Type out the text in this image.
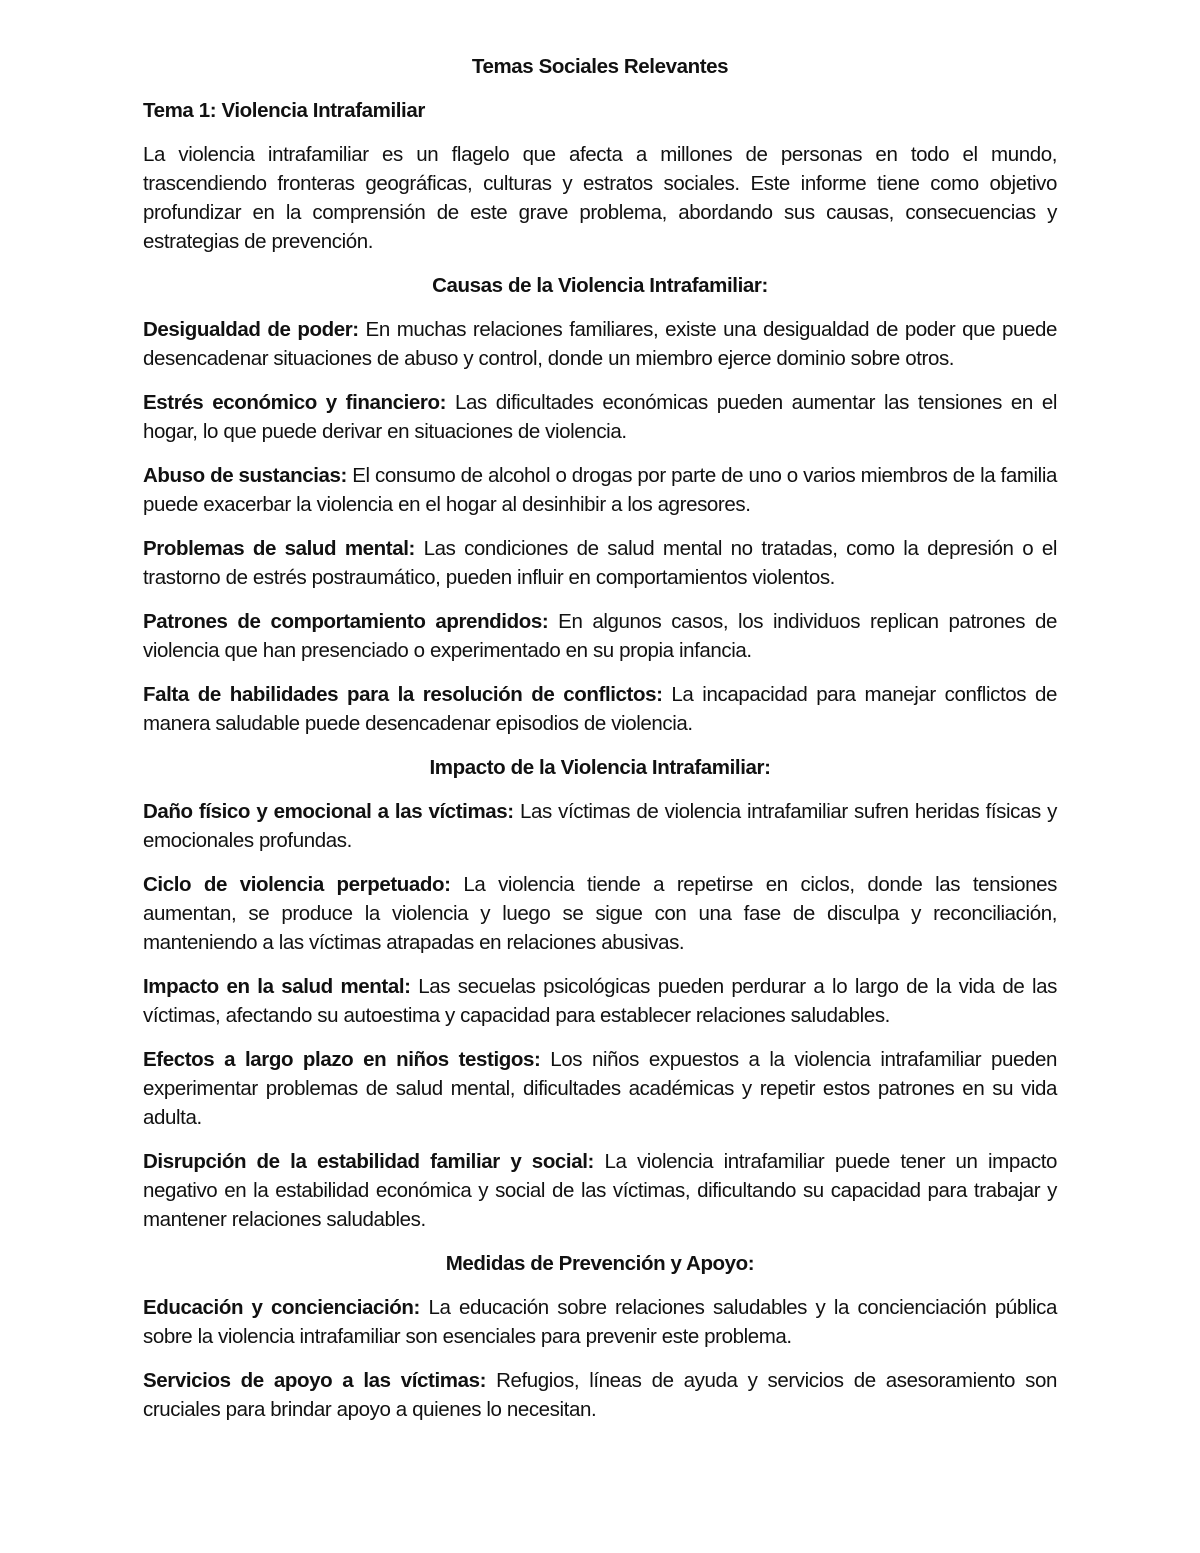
Temas Sociales Relevantes

Tema 1: Violencia Intrafamiliar

La violencia intrafamiliar es un flagelo que afecta a millones de personas en todo el mundo, trascendiendo fronteras geográficas, culturas y estratos sociales. Este informe tiene como objetivo profundizar en la comprensión de este grave problema, abordando sus causas, consecuencias y estrategias de prevención.

Causas de la Violencia Intrafamiliar:

Desigualdad de poder: En muchas relaciones familiares, existe una desigualdad de poder que puede desencadenar situaciones de abuso y control, donde un miembro ejerce dominio sobre otros.

Estrés económico y financiero: Las dificultades económicas pueden aumentar las tensiones en el hogar, lo que puede derivar en situaciones de violencia.

Abuso de sustancias: El consumo de alcohol o drogas por parte de uno o varios miembros de la familia puede exacerbar la violencia en el hogar al desinhibir a los agresores.

Problemas de salud mental: Las condiciones de salud mental no tratadas, como la depresión o el trastorno de estrés postraumático, pueden influir en comportamientos violentos.

Patrones de comportamiento aprendidos: En algunos casos, los individuos replican patrones de violencia que han presenciado o experimentado en su propia infancia.

Falta de habilidades para la resolución de conflictos: La incapacidad para manejar conflictos de manera saludable puede desencadenar episodios de violencia.

Impacto de la Violencia Intrafamiliar:

Daño físico y emocional a las víctimas: Las víctimas de violencia intrafamiliar sufren heridas físicas y emocionales profundas.

Ciclo de violencia perpetuado: La violencia tiende a repetirse en ciclos, donde las tensiones aumentan, se produce la violencia y luego se sigue con una fase de disculpa y reconciliación, manteniendo a las víctimas atrapadas en relaciones abusivas.

Impacto en la salud mental: Las secuelas psicológicas pueden perdurar a lo largo de la vida de las víctimas, afectando su autoestima y capacidad para establecer relaciones saludables.

Efectos a largo plazo en niños testigos: Los niños expuestos a la violencia intrafamiliar pueden experimentar problemas de salud mental, dificultades académicas y repetir estos patrones en su vida adulta.

Disrupción de la estabilidad familiar y social: La violencia intrafamiliar puede tener un impacto negativo en la estabilidad económica y social de las víctimas, dificultando su capacidad para trabajar y mantener relaciones saludables.

Medidas de Prevención y Apoyo:

Educación y concienciación: La educación sobre relaciones saludables y la concienciación pública sobre la violencia intrafamiliar son esenciales para prevenir este problema.

Servicios de apoyo a las víctimas: Refugios, líneas de ayuda y servicios de asesoramiento son cruciales para brindar apoyo a quienes lo necesitan.
